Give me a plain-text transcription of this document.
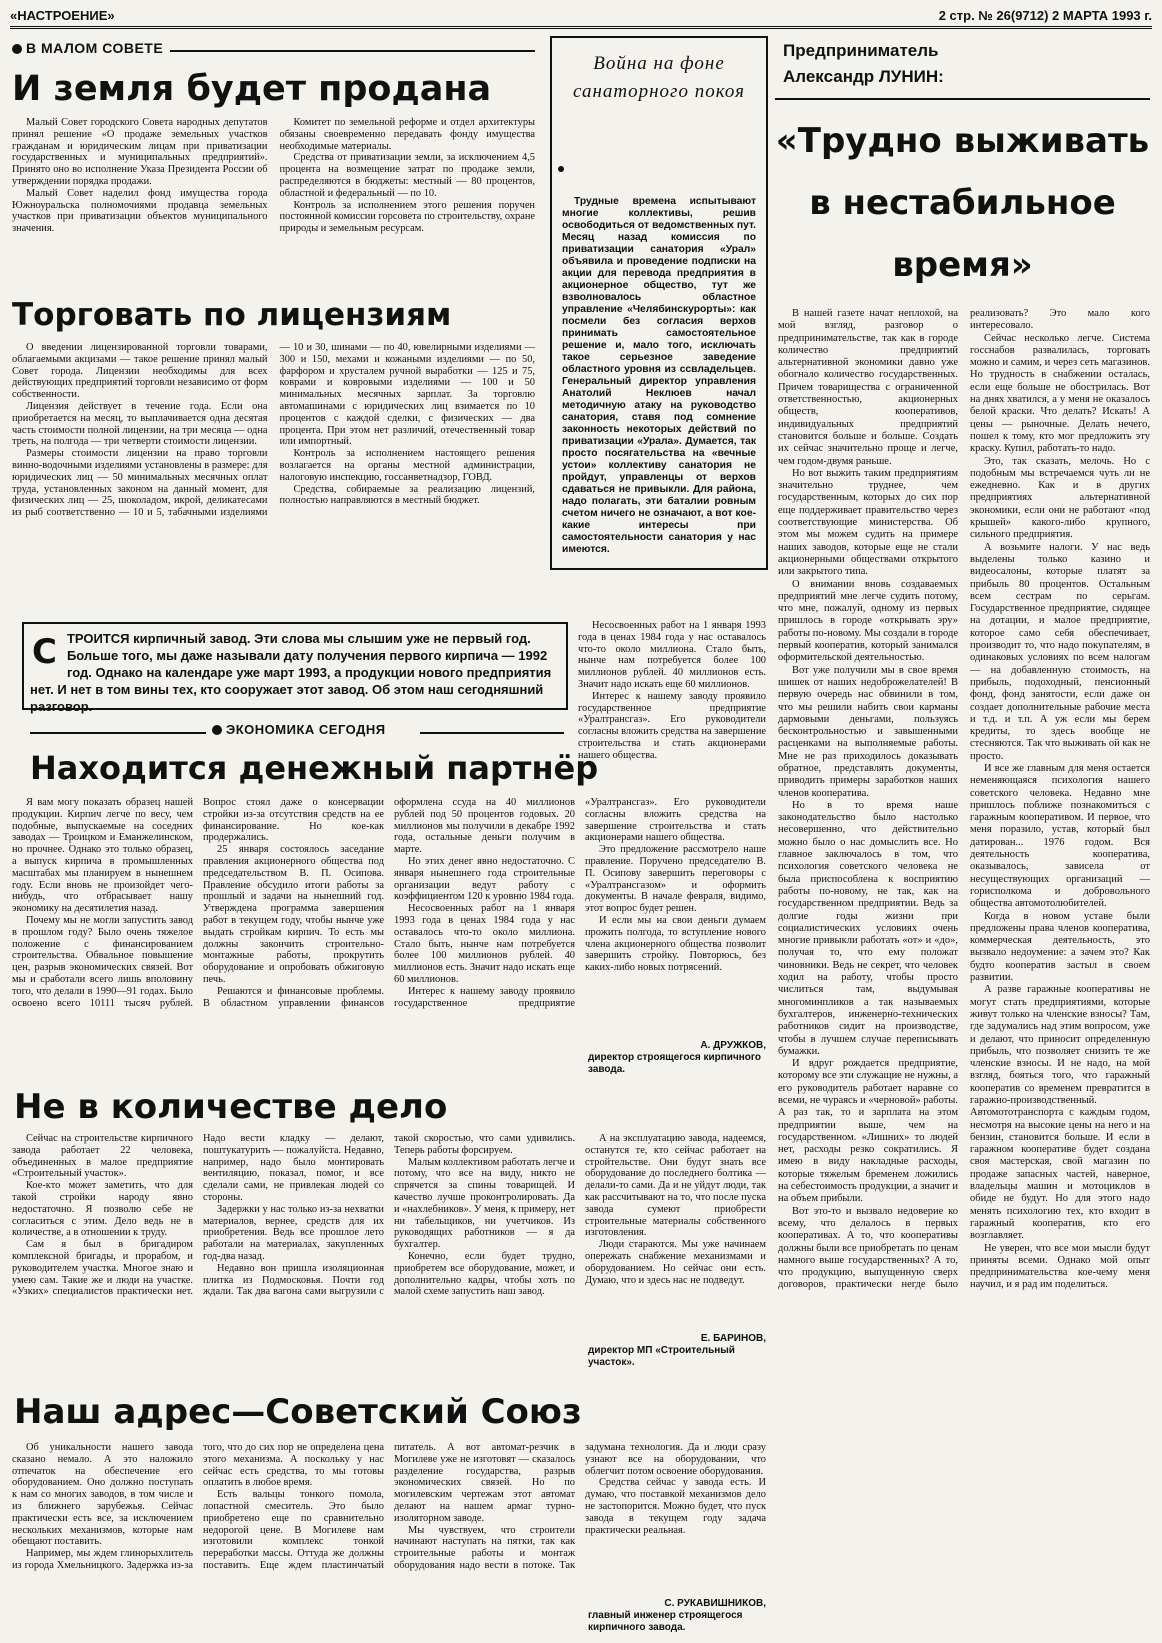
«НАСТРОЕНИЕ»	2 стр. № 26(9712) 2 МАРТА 1993 г.
В МАЛОМ СОВЕТЕ
И земля будет продана

Малый Совет городского Совета народных депутатов принял решение «О продаже земельных участков гражданам и юридическим лицам при приватизации государственных и муниципальных предприятий». Принято оно во исполнение Указа Президента России об утверждении порядка продажи.

Малый Совет наделил фонд имущества города Южноуральска полномочиями продавца земельных участков при приватизации объектов муниципального значения.

Комитет по земельной реформе и отдел архитектуры обязаны своевременно передавать фонду имущества необходимые материалы.

Средства от приватизации земли, за исключением 4,5 процента на возмещение затрат по продаже земли, распределяются в бюджеты: местный — 80 процентов, областной и федеральный — по 10.

Контроль за исполнением этого решения поручен постоянной комиссии горсовета по строительству, охране природы и земельным ресурсам.

Торговать по лицензиям

О введении лицензированной торговли товарами, облагаемыми акцизами — такое решение принял малый Совет города. Лицензии необходимы для всех действующих предприятий торговли независимо от форм собственности.

Лицензия действует в течение года. Если она приобретается на месяц, то выплачивается одна десятая часть стоимости полной лицензии, на три месяца — одна треть, на полгода — три четверти стоимости лицензии.

Размеры стоимости лицензии на право торговли винно-водочными изделиями установлены в размере: для юридических лиц — 50 минимальных месячных оплат труда, установленных законом на данный момент, для физических лиц — 25, шоколадом, икрой, деликатесами из рыб соответственно — 10 и 5, табачными изделиями — 10 и 30, шинами — по 40, ювелирными изделиями — 300 и 150, мехами и кожаными изделиями — по 50, фарфором и хрусталем ручной выработки — 125 и 75, коврами и ковровыми изделиями — 100 и 50 минимальных месячных зарплат. За торговлю автомашинами с юридических лиц взимается по 10 процентов с каждой сделки, с физических — два процента. При этом нет различий, отечественный товар или импортный.

Контроль за исполнением настоящего решения возлагается на органы местной администрации, налоговую инспекцию, госсанветнадзор, ГОВД.

Средства, собираемые за реализацию лицензий, полностью направляются в местный бюджет.

Война на фоне санаторного покоя

Трудные времена испытывают многие коллективы, решив освободиться от ведомственных пут. Месяц назад комиссия по приватизации санатория «Урал» объявила и проведение подписки на акции для перевода предприятия в акционерное общество, тут же взволновалось областное управление «Челябинскурорты»: как посмели без согласия верхов принимать самостоятельное решение и, мало того, исключать такое серьезное заведение областного уровня из ссвладельцев. Генеральный директор управления Анатолий Неклюев начал методичную атаку на руководство санатория, ставя под сомнение законность некоторых действий по приватизации «Урала». Думается, так просто посягательства на «вечные устои» коллективу санатория не пройдут, управленцы от верхов сдаваться не привыкли. Для района, надо полагать, эти баталии ровным счетом ничего не означают, а вот кое-какие интересы при самостоятельности санатория у нас имеются.

Предприниматель
Александр ЛУНИН:
«Трудно выживать
в нестабильное
время»

В нашей газете начат неплохой, на мой взгляд, разговор о предпринимательстве, так как в городе количество предприятий альтернативной экономики давно уже обогнало количество государственных. Причем товарищества с ограниченной ответственностью, акционерных обществ, кооперативов, индивидуальных предприятий становится больше и больше. Создать их сейчас значительно проще и легче, чем годом-двумя раньше.

Но вот выжить таким предприятиям значительно труднее, чем государственным, которых до сих пор еще поддерживает правительство через соответствующие министерства. Об этом мы можем судить на примере наших заводов, которые еще не стали акционерными обществами открытого или закрытого типа.

О внимании вновь создаваемых предприятий мне легче судить потому, что мне, пожалуй, одному из первых пришлось в городе «открывать эру» работы по-новому. Мы создали в городе первый кооператив, который занимался оформительской деятельностью.

Вот уже получили мы в свое время шишек от наших недоброжелателей! В первую очередь нас обвинили в том, что мы решили набить свои карманы дармовыми деньгами, пользуясь бесконтрольностью и завышенными расценками на выполняемые работы. Мне не раз приходилось доказывать обратное, представлять документы, приводить примеры заработков наших членов кооператива.

Но в то время наше законодательство было настолько несовершенно, что действительно можно было о нас домыслить все. Но главное заключалось в том, что психология советского человека не была приспособлена к восприятию работы по-новому, не так, как на государственном предприятии. Ведь за долгие годы жизни при социалистических условиях очень многие привыкли работать «от» и «до», получая то, что ему положат чиновники. Ведь не секрет, что человек ходил на работу, чтобы просто числиться там, выдумывая многоминпликов а так называемых бухгалтеров, инженерно-технических работников сидит на производстве, чтобы в лучшем случае переписывать бумажки.

И вдруг рождается предприятие, которому все эти служащие не нужны, а его руководитель работает наравне со всеми, не чураясь и «черновой» работы. А раз так, то и зарплата на этом предприятии выше, чем на государственном. «Лишних» то людей нет, расходы резко сократились. Я имею в виду накладные расходы, которые тяжелым бременем ложились на себестоимость продукции, а значит и на объем прибыли.

Вот это-то и вызвало недоверие ко всему, что делалось в первых кооперативах. А то, что кооперативы должны были все приобретать по ценам намного выше государственных? А то, что продукцию, выпущенную сверх договоров, практически негде было реализовать? Это мало кого интересовало.

Сейчас несколько легче. Система госснабов развалилась, торговать можно и самим, и через сеть магазинов. Но трудность в снабжении осталась, если еще больше не обострилась. Вот на днях хватился, а у меня не оказалось белой краски. Что делать? Искать! А цены — рыночные. Делать нечего, пошел к тому, кто мог предложить эту краску. Купил, работать-то надо.

Это, так сказать, мелочь. Но с подобным мы встречаемся чуть ли не ежедневно. Как и в других предприятиях альтернативной экономики, если они не работают «под крышей» какого-либо крупного, сильного предприятия.

А возьмите налоги. У нас ведь выделены только казино и видеосалоны, которые платят за прибыль 80 процентов. Остальным всем сестрам по серьгам. Государственное предприятие, сидящее на дотации, и малое предприятие, которое само себя обеспечивает, производит то, что надо покупателям, в одинаковых условиях по всем налогам — на добавленную стоимость, на прибыль, подоходный, пенсионный фонд, фонд занятости, если даже он создает дополнительные рабочие места и т.д. и т.п. А уж если мы берем кредиты, то здесь вообще не стесняются. Так что выживать ой как не просто.

И все же главным для меня остается неменяющаяся психология нашего советского человека. Недавно мне пришлось поближе познакомиться с гаражным кооперативом. И первое, что меня поразило, устав, который был датирован... 1976 годом. Вся деятельность кооператива, оказывалось, зависела от несуществующих организаций — горисполкома и добровольного общества автомотолюбителей.

Когда в новом уставе были предложены права членов кооператива, коммерческая деятельность, это вызвало недоумение: а зачем это? Как будто кооператив застыл в своем развитии.

А разве гаражные кооперативы не могут стать предприятиями, которые живут только на членские взносы? Там, где задумались над этим вопросом, уже и делают, что приносит определенную прибыль, что позволяет снизить те же членские взносы. И не надо, на мой взгляд, бояться того, что гаражный кооператив со временем превратится в гаражно-производственный. Автомототранспорта с каждым годом, несмотря на высокие цены на него и на бензин, становится больше. И если в гаражном кооперативе будет создана своя мастерская, свой магазин по продаже запасных частей, наверное, владельцы машин и мотоциклов в обиде не будут. Но для этого надо менять психологию тех, кто входит в гаражный кооператив, кто его возглавляет.

Не уверен, что все мои мысли будут приняты всеми. Однако мой опыт предпринимательства кое-чему меня научил, и я рад им поделиться.

С ТРОИТСЯ кирпичный завод. Эти слова мы слышим уже не первый год. Больше того, мы даже называли дату получения первого кирпича — 1992 год. Однако на календаре уже март 1993, а продукции нового предприятия нет. И нет в том вины тех, кто сооружает этот завод. Об этом наш сегодняшний разговор.
ЭКОНОМИКА СЕГОДНЯ
Находится денежный партнёр

Я вам могу показать образец нашей продукции. Кирпич легче по весу, чем подобные, выпускаемые на соседних заводах — Троицком и Еманжелинском, но прочнее. Однако это только образец, а выпуск кирпича в промышленных масштабах мы планируем в нынешнем году. Если вновь не произойдет чего-нибудь, что отбрасывает нашу экономику на десятилетия назад.

Почему мы не могли запустить завод в прошлом году? Было очень тяжелое положение с финансированием строительства. Обвальное повышение цен, разрыв экономических связей. Вот мы и сработали всего лишь вполовину того, что делали в 1990—91 годах. Было освоено всего 10111 тысяч рублей. Вопрос стоял даже о консервации стройки из-за отсутствия средств на ее финансирование. Но кое-как продержались.

25 января состоялось заседание правления акционерного общества под председательством В. П. Осипова. Правление обсудило итоги работы за прошлый и задачи на нынешний год. Утверждена программа завершения работ в текущем году, чтобы нынче уже выдать стройкам кирпич. То есть мы должны закончить строительно-монтажные работы, прокрутить оборудование и опробовать обжиговую печь.

Решаются и финансовые проблемы. В областном управлении финансов оформлена ссуда на 40 миллионов рублей под 50 процентов годовых. 20 миллионов мы получили в декабре 1992 года, остальные деньги получим в марте.

Но этих денег явно недостаточно. С января нынешнего года строительные организации ведут работу с коэффициентом 120 к уровню 1984 года.

Несосвоенных работ на 1 января 1993 года в ценах 1984 года у нас оставалось что-то около миллиона. Стало быть, нынче нам потребуется более 100 миллионов рублей. 40 миллионов есть. Значит надо искать еще 60 миллионов.

Интерес к нашему заводу проявило государственное предприятие «Уралтрансгаз». Его руководители согласны вложить средства на завершение строительства и стать акционерами нашего общества.

Это предложение рассмотрело наше правление. Поручено председателю В. П. Осипову завершить переговоры с «Уралтрансгазом» и оформить документы. В начале февраля, видимо, этот вопрос будет решен.

И если мы на свои деньги думаем прожить полгода, то вступление нового члена акционерного общества позволит завершить стройку. Повторюсь, без каких-либо новых потрясений.

Несосвоенных работ на 1 января 1993 года в ценах 1984 года у нас оставалось что-то около миллиона. Стало быть, нынче нам потребуется более 100 миллионов рублей. 40 миллионов есть. Значит надо искать еще 60 миллионов.

Интерес к нашему заводу проявило государственное предприятие «Уралтрансгаз». Его руководители согласны вложить средства на завершение строительства и стать акционерами нашего общества.

А. ДРУЖКОВ,
директор строящегося кирпичного завода.
Не в количестве дело

Сейчас на строительстве кирпичного завода работает 22 человека, объединенных в малое предприятие «Строительный участок».

Кое-кто может заметить, что для такой стройки народу явно недостаточно. Я позволю себе не согласиться с этим. Дело ведь не в количестве, а в отношении к труду.

Сам я был в бригадиром комплексной бригады, и прорабом, и руководителем участка. Многое знаю и умею сам. Такие же и люди на участке. «Узких» специалистов практически нет. Надо вести кладку — делают, поштукатурить — пожалуйста. Недавно, например, надо было монтировать вентиляцию, показал, помог, и все сделали сами, не привлекая людей со стороны.

Задержки у нас только из-за нехватки материалов, вернее, средств для их приобретения. Ведь все прошлое лето работали на материалах, закупленных год-два назад.

Недавно вон пришла изоляционная плитка из Подмосковья. Почти год ждали. Так два вагона сами выгрузили с такой скоростью, что сами удивились. Теперь работы форсируем.

Малым коллективом работать легче и потому, что все на виду, никто не спрячется за спины товарищей. И качество лучше проконтролировать. Да и «нахлебников». У меня, к примеру, нет ни табельщиков, ни учетчиков. Из руководящих работников — я да бухгалтер.

Конечно, если будет трудно, приобретем все оборудование, может, и дополнительно кадры, чтобы хоть по малой схеме запустить наш завод.

А на эксплуатацию завода, надеемся, останутся те, кто сейчас работает на стройтельстве. Они будут знать все оборудование до последнего болтика — делали-то сами. Да и не уйдут люди, так как рассчитывают на то, что после пуска завода сумеют приобрести строительные материалы собственного изготовления.

Люди стараются. Мы уже начинаем опережать снабжение механизмами и оборудованием. Но сейчас они есть. Думаю, что и здесь нас не подведут.

Е. БАРИНОВ,
директор МП «Строительный участок».
Наш адрес—Советский Союз

Об уникальности нашего завода сказано немало. А это наложило отпечаток на обеспечение его оборудованием. Оно должно поступать к нам со многих заводов, в том числе и из ближнего зарубежья. Сейчас практически есть все, за исключением нескольких механизмов, которые нам обещают поставить.

Например, мы ждем глинорыхлитель из города Хмельницкого. Задержка из-за того, что до сих пор не определена цена этого механизма. А поскольку у нас сейчас есть средства, то мы готовы оплатить в любое время.

Есть вальцы тонкого помола, лопастной смеситель. Это было приобретено еще по сравнительно недорогой цене. В Могилеве нам изготовили комплекс тонкой переработки массы. Оттуда же должны поставить. Еще ждем пластинчатый питатель. А вот автомат-резчик в Могилеве уже не изготовят — сказалось разделение государства, разрыв экономических связей. Но по могилевским чертежам этот автомат делают на нашем армаг турно-изоляторном заводе.

Мы чувствуем, что строители начинают наступать на пятки, так как строительные работы и монтаж оборудования надо вести в потоке. Так задумана технология. Да и люди сразу узнают все на оборудовании, что облегчит потом освоение оборудования.

Средства сейчас у завода есть. И думаю, что поставкой механизмов дело не застопорится. Можно будет, что пуск завода в текущем году задача практически реальная.

С. РУКАВИШНИКОВ,
главный инженер строящегося кирпичного завода.
